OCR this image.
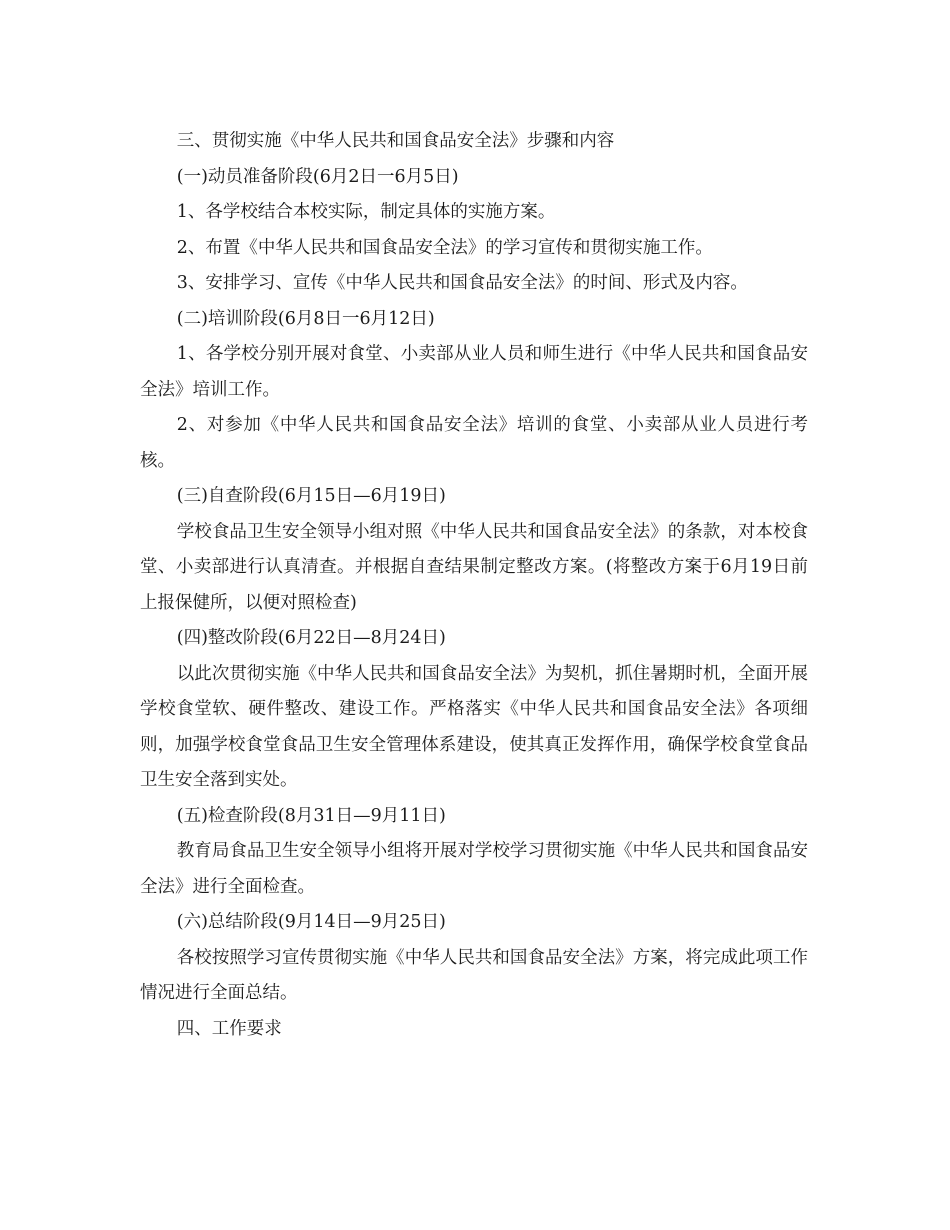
三、贯彻实施《中华人民共和国食品安全法》步骤和内容

(一)动员准备阶段(6月2日一6月5日)

1、各学校结合本校实际，制定具体的实施方案。

2、布置《中华人民共和国食品安全法》的学习宣传和贯彻实施工作。

3、安排学习、宣传《中华人民共和国食品安全法》的时间、形式及内容。

(二)培训阶段(6月8日一6月12日)

1、各学校分别开展对食堂、小卖部从业人员和师生进行《中华人民共和国食品安全法》培训工作。

2、对参加《中华人民共和国食品安全法》培训的食堂、小卖部从业人员进行考核。

(三)自查阶段(6月15日—6月19日)

学校食品卫生安全领导小组对照《中华人民共和国食品安全法》的条款，对本校食堂、小卖部进行认真清查。并根据自查结果制定整改方案。(将整改方案于6月19日前上报保健所，以便对照检查)

(四)整改阶段(6月22日—8月24日)

以此次贯彻实施《中华人民共和国食品安全法》为契机，抓住暑期时机，全面开展学校食堂软、硬件整改、建设工作。严格落实《中华人民共和国食品安全法》各项细则，加强学校食堂食品卫生安全管理体系建设，使其真正发挥作用，确保学校食堂食品卫生安全落到实处。

(五)检查阶段(8月31日—9月11日)

教育局食品卫生安全领导小组将开展对学校学习贯彻实施《中华人民共和国食品安全法》进行全面检查。

(六)总结阶段(9月14日—9月25日)

各校按照学习宣传贯彻实施《中华人民共和国食品安全法》方案，将完成此项工作情况进行全面总结。

四、工作要求
